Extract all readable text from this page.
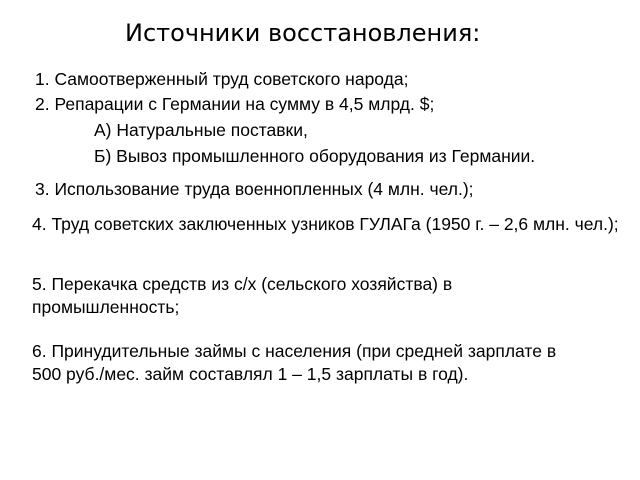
Источники восстановления:
1. Самоотверженный труд советского народа;
2. Репарации с Германии на сумму в 4,5 млрд. $;
А) Натуральные поставки,
Б) Вывоз промышленного оборудования из Германии.
3. Использование труда военнопленных (4 млн. чел.);
4. Труд советских заключенных узников ГУЛАГа (1950 г. – 2,6 млн. чел.);
5. Перекачка средств из с/х (сельского хозяйства) в промышленность;
6. Принудительные займы с населения (при средней зарплате в 500 руб./мес. займ составлял 1 – 1,5 зарплаты в год).
